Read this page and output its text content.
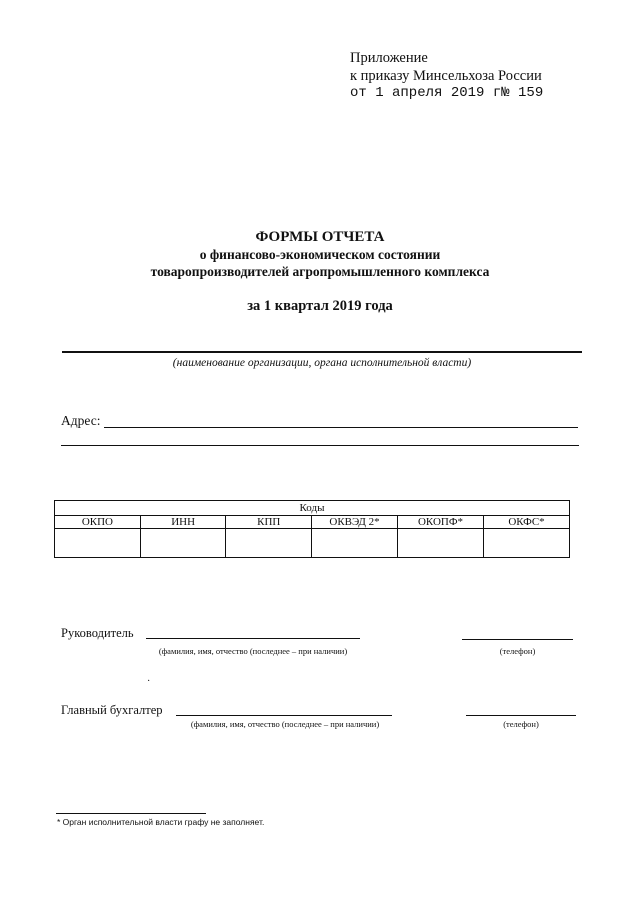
Приложение
к приказу Минсельхоза России
от 1 апреля 2019 г№ 159
ФОРМЫ ОТЧЕТА
о финансово-экономическом состоянии
товаропроизводителей агропромышленного комплекса
за 1 квартал 2019 года
(наименование организации, органа исполнительной власти)
Адрес:
Коды					
ОКПО	ИНН	КПП	ОКВЭД 2*	ОКОПФ*	ОКФС*

Руководитель
(фамилия, имя, отчество (последнее – при наличии)	(телефон)
·
Главный бухгалтер
(фамилия, имя, отчество (последнее – при наличии)	(телефон)
* Орган исполнительной власти графу не заполняет.
